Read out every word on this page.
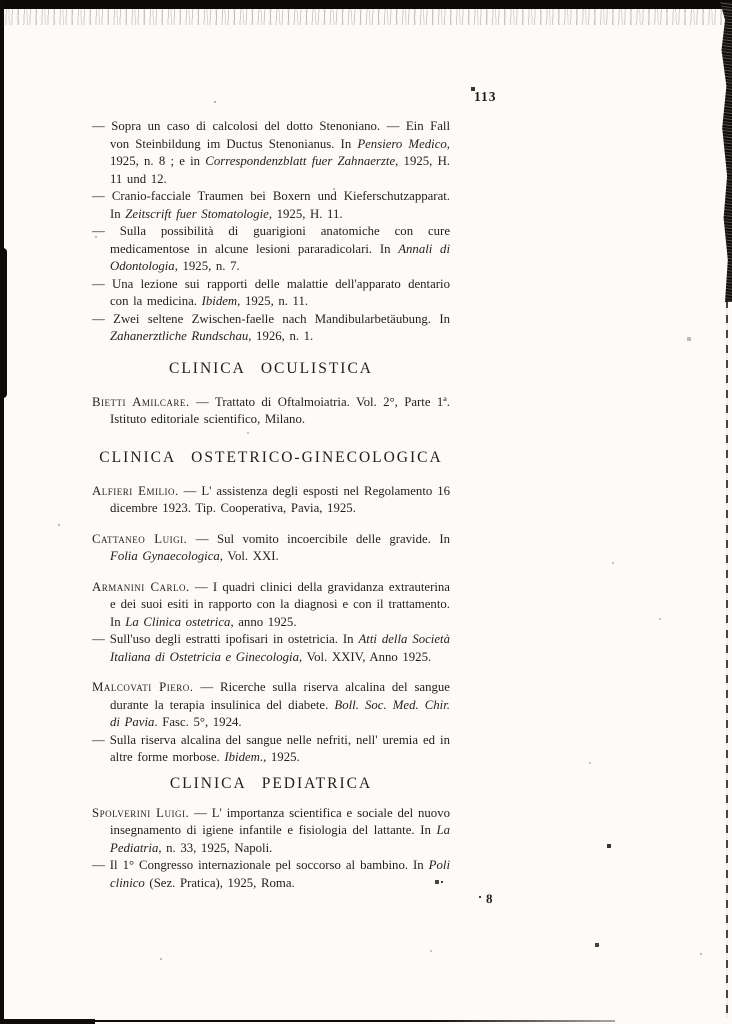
113
8

— Sopra un caso di calcolosi del dotto Stenoniano. — Ein Fall von Steinbildung im Ductus Stenonianus. In Pensiero Medico, 1925, n. 8 ; e in Correspondenzblatt fuer Zahnaerzte, 1925, H. 11 und 12.

— Cranio-facciale Traumen bei Boxern und Kieferschutzapparat. In Zeitscrift fuer Stomatologie, 1925, H. 11.

— Sulla possibilità di guarigioni anatomiche con cure medicamentose in alcune lesioni pararadicolari. In Annali di Odontologia, 1925, n. 7.

— Una lezione sui rapporti delle malattie dell'apparato dentario con la medicina. Ibidem, 1925, n. 11.

— Zwei seltene Zwischen-faelle nach Mandibularbetäubung. In Zahanerztliche Rundschau, 1926, n. 1.

CLINICA OCULISTICA

Bietti Amilcare. — Trattato di Oftalmoiatria. Vol. 2°, Parte 1ª. Istituto editoriale scientifico, Milano.

CLINICA OSTETRICO-GINECOLOGICA

Alfieri Emilio. — L' assistenza degli esposti nel Regolamento 16 dicembre 1923. Tip. Cooperativa, Pavia, 1925.

Cattaneo Luigi. — Sul vomito incoercibile delle gravide. In Folia Gynaecologica, Vol. XXI.

Armanini Carlo. — I quadri clinici della gravidanza extrauterina e dei suoi esiti in rapporto con la diagnosi e con il trattamento. In La Clinica ostetrica, anno 1925.

— Sull'uso degli estratti ipofisari in ostetricia. In Atti della Società Italiana di Ostetricia e Ginecologia, Vol. XXIV, Anno 1925.

Malcovati Piero. — Ricerche sulla riserva alcalina del sangue durante la terapia insulinica del diabete. Boll. Soc. Med. Chir. di Pavia. Fasc. 5°, 1924.

— Sulla riserva alcalina del sangue nelle nefriti, nell' uremia ed in altre forme morbose. Ibidem., 1925.

CLINICA PEDIATRICA

Spolverini Luigi. — L' importanza scientifica e sociale del nuovo insegnamento di igiene infantile e fisiologia del lattante. In La Pediatria, n. 33, 1925, Napoli.

— Il 1° Congresso internazionale pel soccorso al bambino. In Poli clinico (Sez. Pratica), 1925, Roma.
